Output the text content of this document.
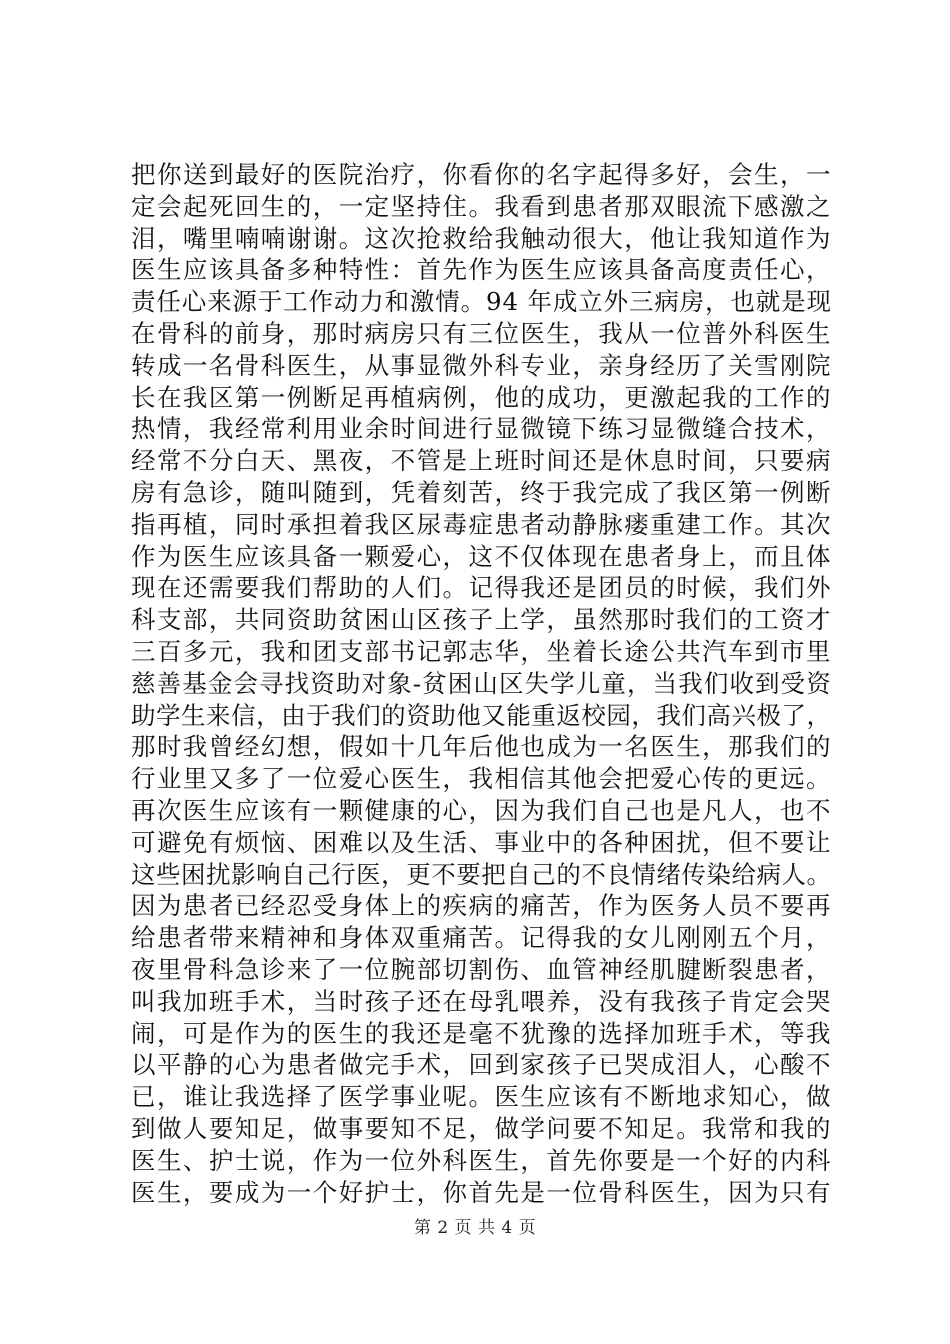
把你送到最好的医院治疗，你看你的名字起得多好，会生，一
定会起死回生的，一定坚持住。我看到患者那双眼流下感激之
泪，嘴里喃喃谢谢。这次抢救给我触动很大，他让我知道作为
医生应该具备多种特性：首先作为医生应该具备高度责任心，
责任心来源于工作动力和激情。94 年成立外三病房，也就是现
在骨科的前身，那时病房只有三位医生，我从一位普外科医生
转成一名骨科医生，从事显微外科专业，亲身经历了关雪刚院
长在我区第一例断足再植病例，他的成功，更激起我的工作的
热情，我经常利用业余时间进行显微镜下练习显微缝合技术，
经常不分白天、黑夜，不管是上班时间还是休息时间，只要病
房有急诊，随叫随到，凭着刻苦，终于我完成了我区第一例断
指再植，同时承担着我区尿毒症患者动静脉瘘重建工作。其次
作为医生应该具备一颗爱心，这不仅体现在患者身上，而且体
现在还需要我们帮助的人们。记得我还是团员的时候，我们外
科支部，共同资助贫困山区孩子上学，虽然那时我们的工资才
三百多元，我和团支部书记郭志华，坐着长途公共汽车到市里
慈善基金会寻找资助对象-贫困山区失学儿童，当我们收到受资
助学生来信，由于我们的资助他又能重返校园，我们高兴极了，
那时我曾经幻想，假如十几年后他也成为一名医生，那我们的
行业里又多了一位爱心医生，我相信其他会把爱心传的更远。
再次医生应该有一颗健康的心，因为我们自己也是凡人，也不
可避免有烦恼、困难以及生活、事业中的各种困扰，但不要让
这些困扰影响自己行医，更不要把自己的不良情绪传染给病人。
因为患者已经忍受身体上的疾病的痛苦，作为医务人员不要再
给患者带来精神和身体双重痛苦。记得我的女儿刚刚五个月，
夜里骨科急诊来了一位腕部切割伤、血管神经肌腱断裂患者，
叫我加班手术，当时孩子还在母乳喂养，没有我孩子肯定会哭
闹，可是作为的医生的我还是毫不犹豫的选择加班手术，等我
以平静的心为患者做完手术，回到家孩子已哭成泪人，心酸不
已，谁让我选择了医学事业呢。医生应该有不断地求知心，做
到做人要知足，做事要知不足，做学问要不知足。我常和我的
医生、护士说，作为一位外科医生，首先你要是一个好的内科
医生，要成为一个好护士，你首先是一位骨科医生，因为只有
第 2 页 共 4 页
